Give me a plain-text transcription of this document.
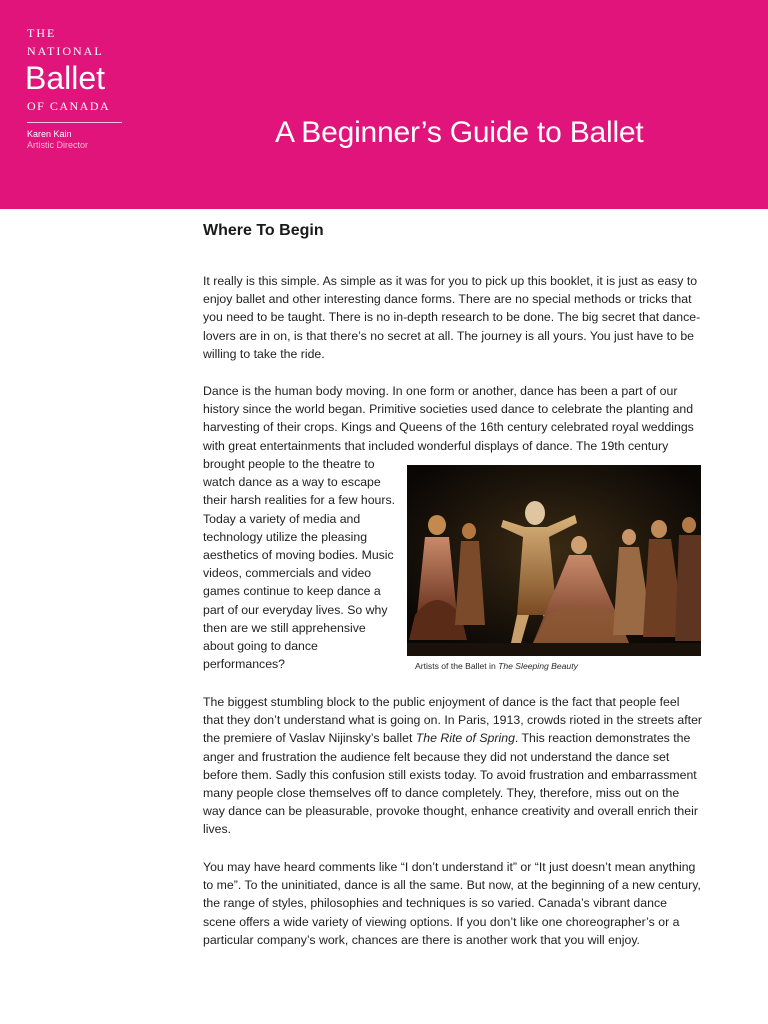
THE
NATIONAL
Ballet
OF CANADA
Karen Kain
Artistic Director	A Beginner’s Guide to Ballet
Where To Begin

It really is this simple. As simple as it was for you to pick up this booklet, it is just as easy to enjoy ballet and other interesting dance forms. There are no special methods or tricks that you need to be taught. There is no in-depth research to be done. The big secret that dance-lovers are in on, is that there’s no secret at all. The journey is all yours. You just have to be willing to take the ride.

Dance is the human body moving. In one form or another, dance has been a part of our history since the world began. Primitive societies used dance to celebrate the planting and harvesting of their crops. Kings and Queens of the 16th century celebrated royal weddings with great entertainments that included wonderful displays of dance. The 19th century

brought people to the theatre to watch dance as a way to escape their harsh realities for a few hours. Today a variety of media and technology utilize the pleasing aesthetics of moving bodies. Music videos, commercials and video games continue to keep dance a part of our everyday lives. So why then are we still apprehensive about going to dance performances?	Artists of the Ballet in The Sleeping Beauty

The biggest stumbling block to the public enjoyment of dance is the fact that people feel that they don’t understand what is going on. In Paris, 1913, crowds rioted in the streets after the premiere of Vaslav Nijinsky’s ballet The Rite of Spring. This reaction demonstrates the anger and frustration the audience felt because they did not understand the dance set before them. Sadly this confusion still exists today. To avoid frustration and embarrassment many people close themselves off to dance completely. They, therefore, miss out on the way dance can be pleasurable, provoke thought, enhance creativity and overall enrich their lives.

You may have heard comments like “I don’t understand it” or “It just doesn’t mean anything to me”. To the uninitiated, dance is all the same. But now, at the beginning of a new century, the range of styles, philosophies and techniques is so varied. Canada’s vibrant dance scene offers a wide variety of viewing options. If you don’t like one choreographer’s or a particular company’s work, chances are there is another work that you will enjoy.
